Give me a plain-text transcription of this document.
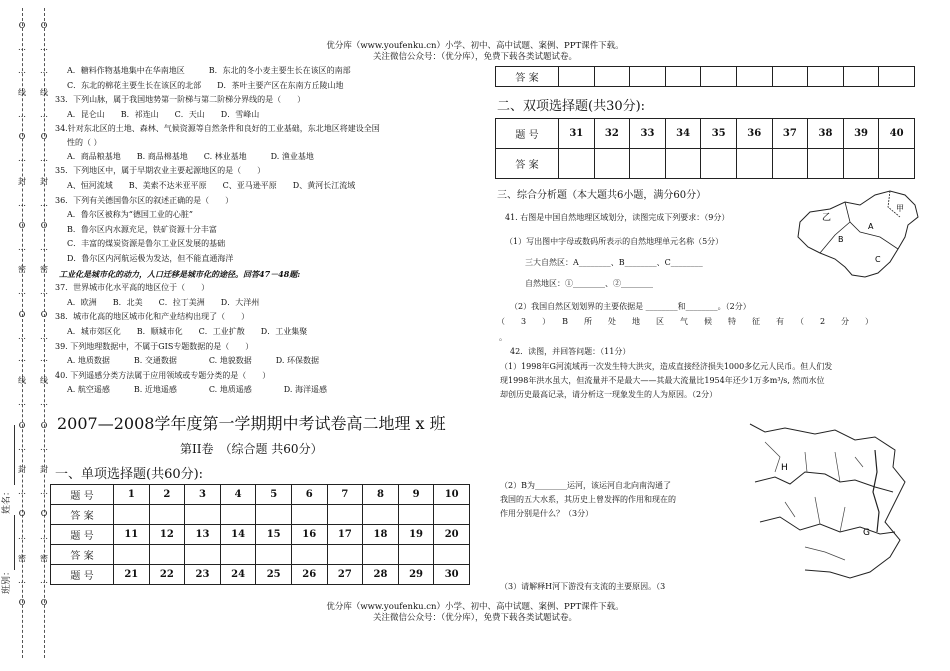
优分库（www.youfenku.cn）小学、初中、高中试题、案例、PPT课件下载。
关注微信公众号：（优分库），免费下载各类试题试卷。
优分库（www.youfenku.cn）小学、初中、高中试题、案例、PPT课件下载。
关注微信公众号：（优分库），免费下载各类试题试卷。
O
…
…
线
…
O
…
封
…
O
…
密
…
O
…
…
线
…
O
…
封
…
O
…
密
…
O
O
…
…
线
…
O
…
封
…
O
…
密
…
O
…
…
线
…
O
…
封
…
O
…
密
…
O
姓名：
班别：
A．糖料作物基地集中在华南地区　　　B．东北的冬小麦主要生长在该区的南部
C．东北的棉花主要生长在该区的北部　　D．茶叶主要产区在东南方丘陵山地
33．下列山脉，属于我国地势第一阶梯与第二阶梯分界线的是（　　）
A．昆仑山　　B．祁连山　　C．天山　　D．雪峰山
34.针对东北区的土地、森林、气候资源等自然条件和良好的工业基础，东北地区将建设全国
性的（ ）
A．商品粮基地　　B. 商品棉基地　　C. 林业基地　　　D. 渔业基地
35．下列地区中，属于早期农业主要起源地区的是（　　）
A、恒河流域　　B、美索不达米亚平原　　C、亚马逊平原　　D、黄河长江流域
36．下列有关德国鲁尔区的叙述正确的是（　　）
A．鲁尔区被称为“德国工业的心脏”
B．鲁尔区内水源充足，铁矿资源十分丰富
C．丰富的煤炭资源是鲁尔工业区发展的基础
D．鲁尔区内河航运极为发达，但不能直通海洋
工业化是城市化的动力，人口迁移是城市化的途径。回答47－48题:
37．世界城市化水平高的地区位于（　　）
A．欧洲　　B．北美　　C．拉丁美洲　　D．大洋州
38．城市化高的地区城市化和产业结构出现了（　　）
A．城市郊区化　　B．顺城市化　　C．工业扩散　　D．工业集聚
39. 下列地理数据中，不属于GIS专题数据的是（　　）
A. 地质数据　　　B. 交通数据　　　　C. 地貌数据　　　D. 环保数据
40. 下列遥感分类方法属于应用领域或专题分类的是（　　）
A. 航空遥感　　　B. 近地遥感　　　　C. 地质遥感　　　　D. 海洋遥感
2007—2008学年度第一学期期中考试卷高二地理 x 班
第II卷　（综合题 共60分）
一、单项选择题(共60分):
题 号	1	2	3	4	5	6	7	8	9	10
答 案										
题 号	11	12	13	14	15	16	17	18	19	20
答 案										
题 号	21	22	23	24	25	26	27	28	29	30
答 案										
二、双项选择题(共30分):
题 号	31	32	33	34	35	36	37	38	39	40
答 案										
三、综合分析题（本大题共6小题，满分60分）
41. 右图是中国自然地理区域划分，读图完成下列要求：（9分）
（1）写出图中字母或数码所表示的自然地理单元名称（5分）
三大自然区：A________、B________、C________
自然地区：①________、②________
（2）我国自然区划划界的主要依据是 ________和________。（2分）
（　　3　　）　　B　　所　　处　　地　　区　　气　　候　　特　　征　　有　　（　　2　　分　　）
。
42．读图，并回答问题：（11分）
（1）1998年G河流域再一次发生特大洪灾，造成直接经济损失1000多亿元人民币。但人们发
现1998年洪水虽大，但流量并不是最大——其最大流量比1954年还少1万多m³/s, 然而水位
却创历史最高记录，请分析这一现象发生的人为原因。（2分）
（2）B为________运河，该运河自北向南沟通了
我国的五大水系，其历史上曾发挥的作用和现在的
作用分别是什么？（3分）
（3）请解释H河下游没有支流的主要原因。（3
乙
甲
A
B
C
H
G
